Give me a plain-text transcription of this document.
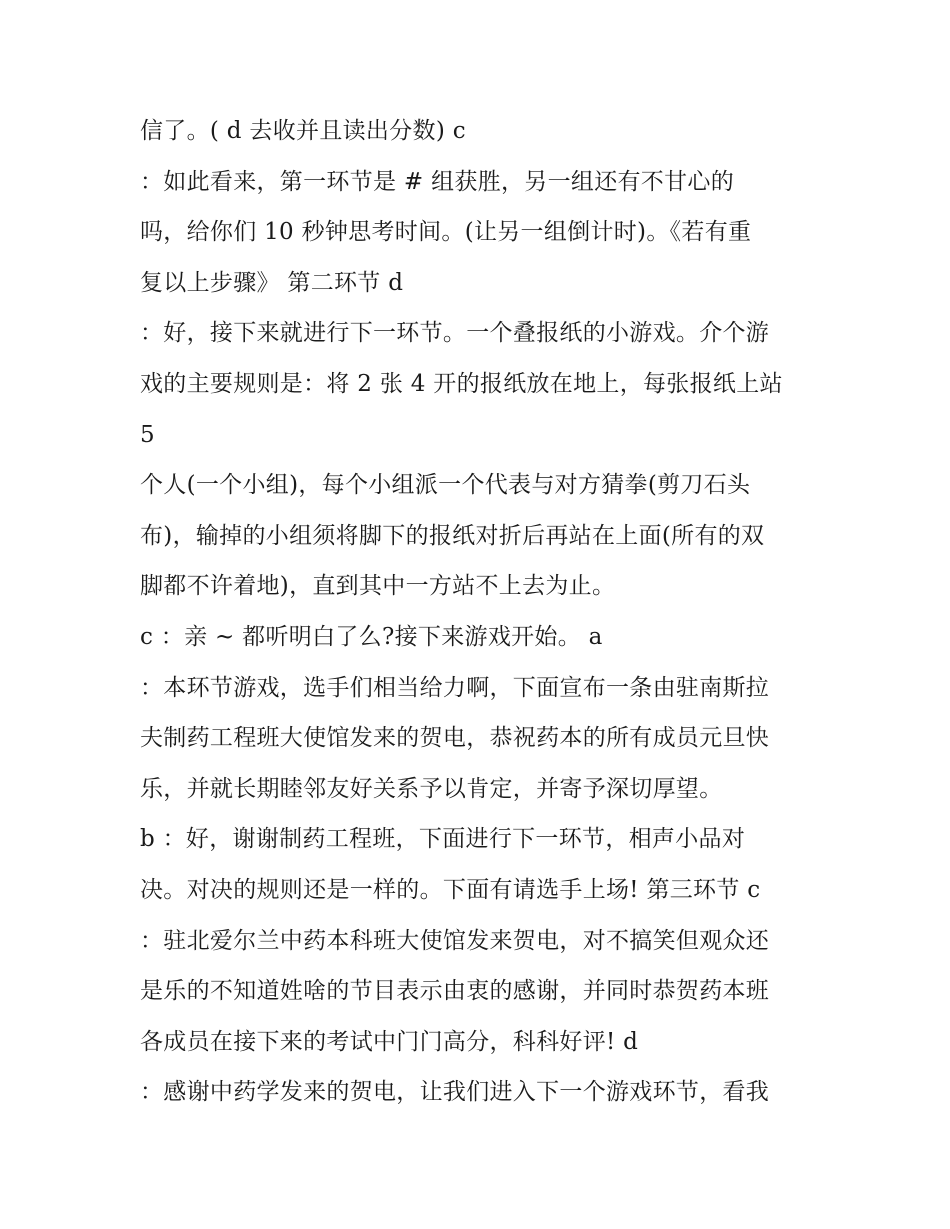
信了。( d 去收并且读出分数) c
：如此看来，第一环节是 # 组获胜，另一组还有不甘心的
吗，给你们 10 秒钟思考时间。(让另一组倒计时)。《若有重
复以上步骤》 第二环节 d
：好，接下来就进行下一环节。一个叠报纸的小游戏。介个游
戏的主要规则是：将 2 张 4 开的报纸放在地上，每张报纸上站
5
个人(一个小组)，每个小组派一个代表与对方猜拳(剪刀石头
布)，输掉的小组须将脚下的报纸对折后再站在上面(所有的双
脚都不许着地)，直到其中一方站不上去为止。
c ：亲 ~ 都听明白了么?接下来游戏开始。 a
：本环节游戏，选手们相当给力啊，下面宣布一条由驻南斯拉
夫制药工程班大使馆发来的贺电，恭祝药本的所有成员元旦快
乐，并就长期睦邻友好关系予以肯定，并寄予深切厚望。
b ：好，谢谢制药工程班，下面进行下一环节，相声小品对
决。对决的规则还是一样的。下面有请选手上场! 第三环节 c
：驻北爱尔兰中药本科班大使馆发来贺电，对不搞笑但观众还
是乐的不知道姓啥的节目表示由衷的感谢，并同时恭贺药本班
各成员在接下来的考试中门门高分，科科好评! d
：感谢中药学发来的贺电，让我们进入下一个游戏环节，看我
